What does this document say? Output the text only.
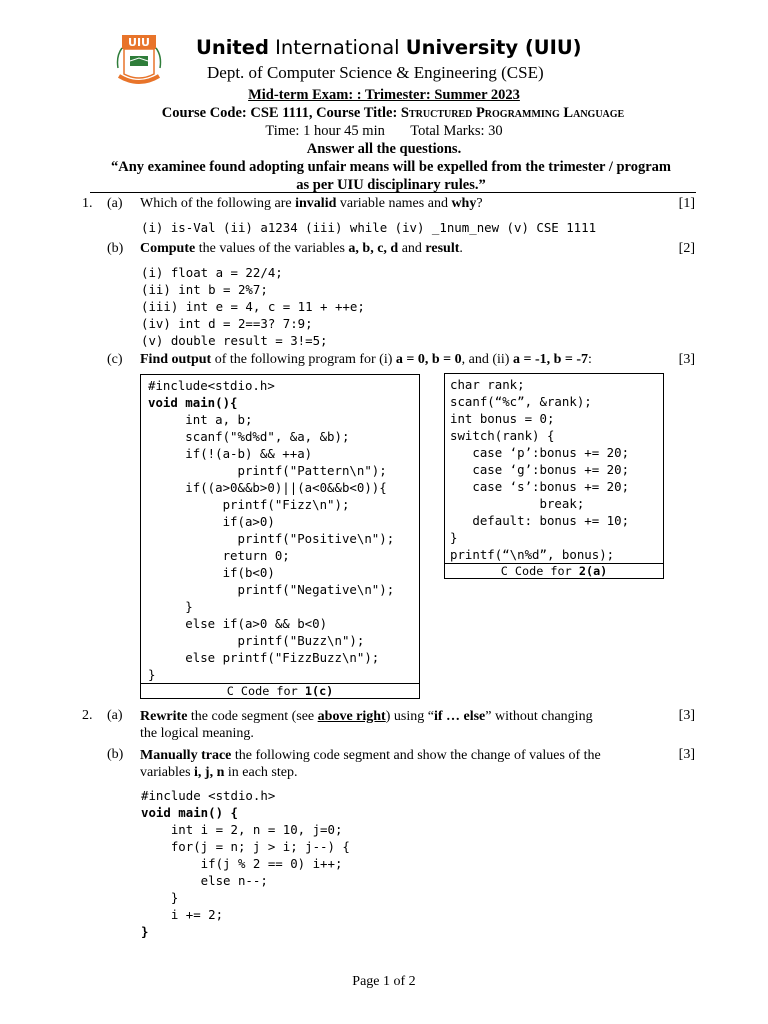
UIU United International University (UIU)
Dept. of Computer Science & Engineering (CSE)
Mid-term Exam: : Trimester: Summer 2023
Course Code: CSE 1111, Course Title: Structured Programming Language
Time: 1 hour 45 min Total Marks: 30
Answer all the questions.
“Any examinee found adopting unfair means will be expelled from the trimester / program
as per UIU disciplinary rules.”
1. (a) Which of the following are invalid variable names and why?	[1]
(i) is-Val (ii) a1234 (iii) while (iv) _1num_new (v) CSE 1111
(b) Compute the values of the variables a, b, c, d and result.	[2]
(i) float a = 22/4;
(ii) int b = 2%7;
(iii) int e = 4, c = 11 + ++e;
(iv) int d = 2==3? 7:9;
(v) double result = 3!=5;
(c) Find output of the following program for (i) a = 0, b = 0, and (ii) a = -1, b = -7:	[3]
#include<stdio.h>
void main(){
int a, b;
scanf("%d%d", &a, &b);
if(!(a-b) && ++a)
printf("Pattern\n");
if((a>0&&b>0)||(a<0&&b<0)){
printf("Fizz\n");
if(a>0)
printf("Positive\n");
return 0;
if(b<0)
printf("Negative\n");
}
else if(a>0 && b<0)
printf("Buzz\n");
else printf("FizzBuzz\n");
}
C Code for 1(c)
char rank;
scanf(“%c”, &rank);
int bonus = 0;
switch(rank) {
case ‘p’:bonus += 20;
case ‘g’:bonus += 20;
case ‘s’:bonus += 20;
break;
default: bonus += 10;
}
printf(“\n%d”, bonus);
C Code for 2(a)
2. (a) Rewrite the code segment (see above right) using “if … else” without changing
the logical meaning.
[3]
(b) Manually trace the following code segment and show the change of values of the
variables i, j, n in each step.
[3]
#include <stdio.h>
void main() {
int i = 2, n = 10, j=0;
for(j = n; j > i; j--) {
if(j % 2 == 0) i++;
else n--;
}
i += 2;
}
Page 1 of 2
